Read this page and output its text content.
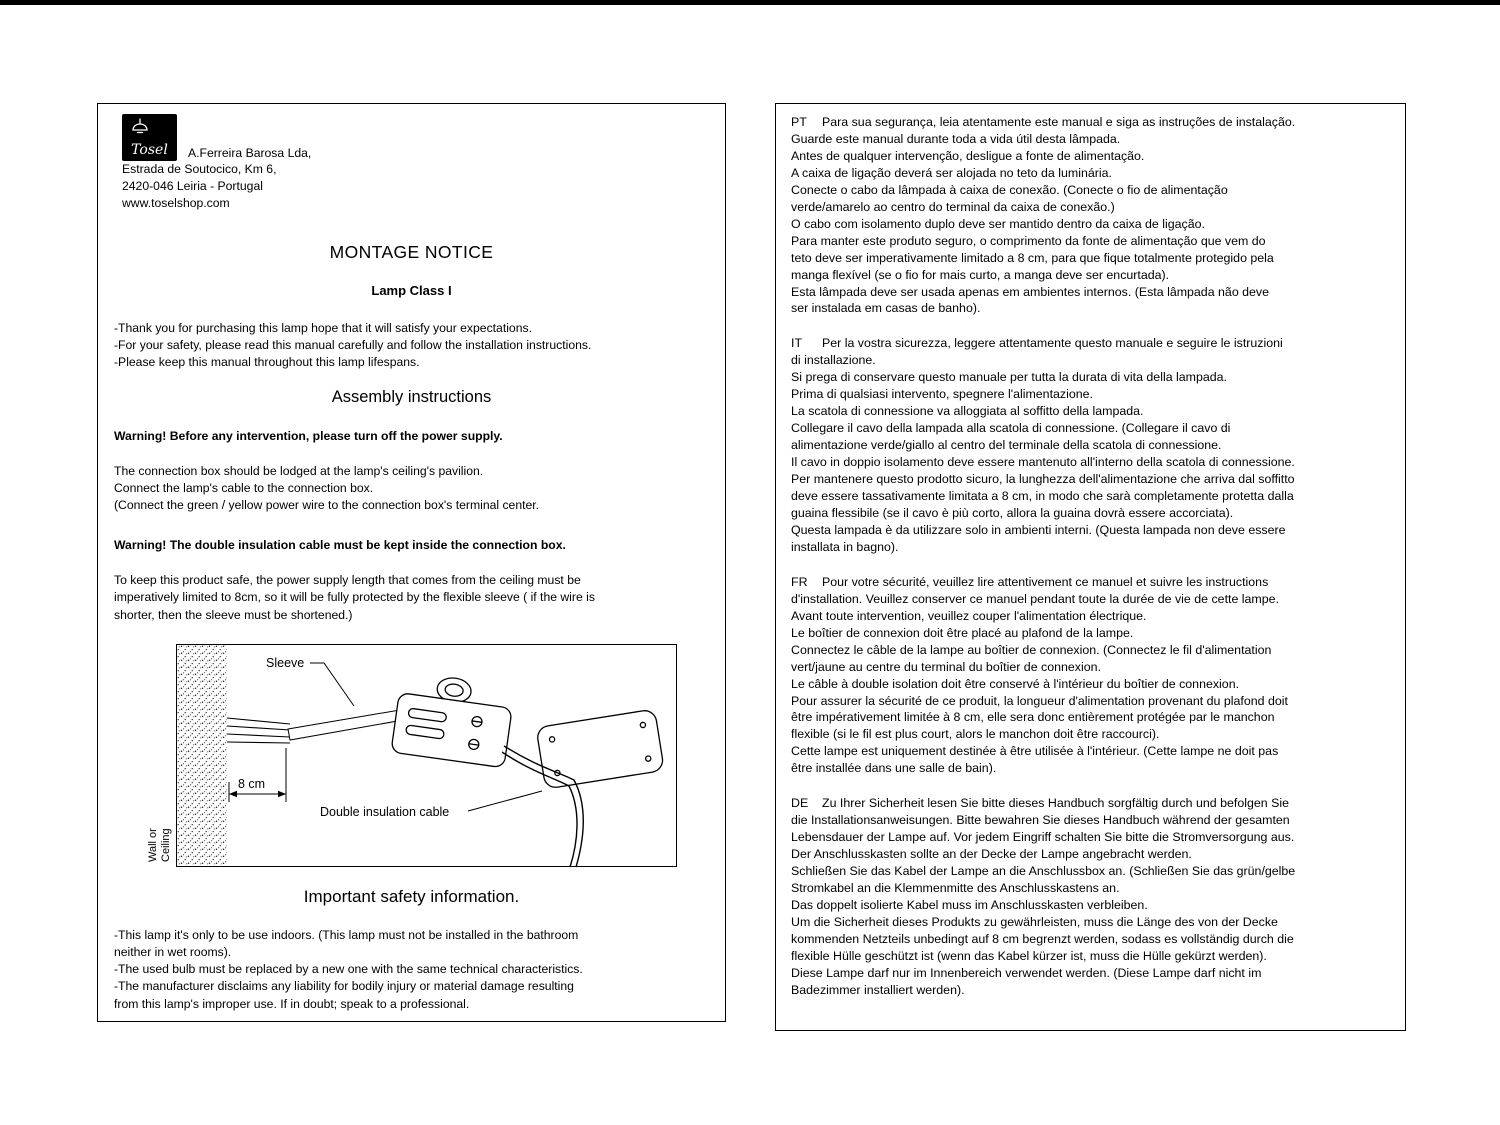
Tosel A.Ferreira Barosa Lda,
Estrada de Soutocico, Km 6,
2420-046 Leiria - Portugal
www.toselshop.com
MONTAGE NOTICE
Lamp Class I
-Thank you for purchasing this lamp hope that it will satisfy your expectations.
-For your safety, please read this manual carefully and follow the installation instructions.
-Please keep this manual throughout this lamp lifespans.
Assembly instructions
Warning! Before any intervention, please turn off the power supply.
The connection box should be lodged at the lamp's ceiling's pavilion.
Connect the lamp's cable to the connection box.
(Connect the green / yellow power wire to the connection box's terminal center.
Warning! The double insulation cable must be kept inside the connection box.
To keep this product safe, the power supply length that comes from the ceiling must be
imperatively limited to 8cm, so it will be fully protected by the flexible sleeve ( if the wire is
shorter, then the sleeve must be shortened.)
Wall or Ceiling
8 cm
Sleeve
Double insulation cable
Important safety information.
-This lamp it's only to be use indoors. (This lamp must not be installed in the bathroom
neither in wet rooms).
-The used bulb must be replaced by a new one with the same technical characteristics.
-The manufacturer disclaims any liability for bodily injury or material damage resulting
from this lamp's improper use. If in doubt; speak to a professional.
PT Para sua segurança, leia atentamente este manual e siga as instruções de instalação.
Guarde este manual durante toda a vida útil desta lâmpada.
Antes de qualquer intervenção, desligue a fonte de alimentação.
A caixa de ligação deverá ser alojada no teto da luminária.
Conecte o cabo da lâmpada à caixa de conexão. (Conecte o fio de alimentação
verde/amarelo ao centro do terminal da caixa de conexão.)
O cabo com isolamento duplo deve ser mantido dentro da caixa de ligação.
Para manter este produto seguro, o comprimento da fonte de alimentação que vem do
teto deve ser imperativamente limitado a 8 cm, para que fique totalmente protegido pela
manga flexível (se o fio for mais curto, a manga deve ser encurtada).
Esta lâmpada deve ser usada apenas em ambientes internos. (Esta lâmpada não deve
ser instalada em casas de banho).
IT Per la vostra sicurezza, leggere attentamente questo manuale e seguire le istruzioni
di installazione.
Si prega di conservare questo manuale per tutta la durata di vita della lampada.
Prima di qualsiasi intervento, spegnere l'alimentazione.
La scatola di connessione va alloggiata al soffitto della lampada.
Collegare il cavo della lampada alla scatola di connessione. (Collegare il cavo di
alimentazione verde/giallo al centro del terminale della scatola di connessione.
Il cavo in doppio isolamento deve essere mantenuto all'interno della scatola di connessione.
Per mantenere questo prodotto sicuro, la lunghezza dell'alimentazione che arriva dal soffitto
deve essere tassativamente limitata a 8 cm, in modo che sarà completamente protetta dalla
guaina flessibile (se il cavo è più corto, allora la guaina dovrà essere accorciata).
Questa lampada è da utilizzare solo in ambienti interni. (Questa lampada non deve essere
installata in bagno).
FR Pour votre sécurité, veuillez lire attentivement ce manuel et suivre les instructions
d'installation. Veuillez conserver ce manuel pendant toute la durée de vie de cette lampe.
Avant toute intervention, veuillez couper l'alimentation électrique.
Le boîtier de connexion doit être placé au plafond de la lampe.
Connectez le câble de la lampe au boîtier de connexion. (Connectez le fil d'alimentation
vert/jaune au centre du terminal du boîtier de connexion.
Le câble à double isolation doit être conservé à l'intérieur du boîtier de connexion.
Pour assurer la sécurité de ce produit, la longueur d'alimentation provenant du plafond doit
être impérativement limitée à 8 cm, elle sera donc entièrement protégée par le manchon
flexible (si le fil est plus court, alors le manchon doit être raccourci).
Cette lampe est uniquement destinée à être utilisée à l'intérieur. (Cette lampe ne doit pas
être installée dans une salle de bain).
DE Zu Ihrer Sicherheit lesen Sie bitte dieses Handbuch sorgfältig durch und befolgen Sie
die Installationsanweisungen. Bitte bewahren Sie dieses Handbuch während der gesamten
Lebensdauer der Lampe auf. Vor jedem Eingriff schalten Sie bitte die Stromversorgung aus.
Der Anschlusskasten sollte an der Decke der Lampe angebracht werden.
Schließen Sie das Kabel der Lampe an die Anschlussbox an. (Schließen Sie das grün/gelbe
Stromkabel an die Klemmenmitte des Anschlusskastens an.
Das doppelt isolierte Kabel muss im Anschlusskasten verbleiben.
Um die Sicherheit dieses Produkts zu gewährleisten, muss die Länge des von der Decke
kommenden Netzteils unbedingt auf 8 cm begrenzt werden, sodass es vollständig durch die
flexible Hülle geschützt ist (wenn das Kabel kürzer ist, muss die Hülle gekürzt werden).
Diese Lampe darf nur im Innenbereich verwendet werden. (Diese Lampe darf nicht im
Badezimmer installiert werden).
